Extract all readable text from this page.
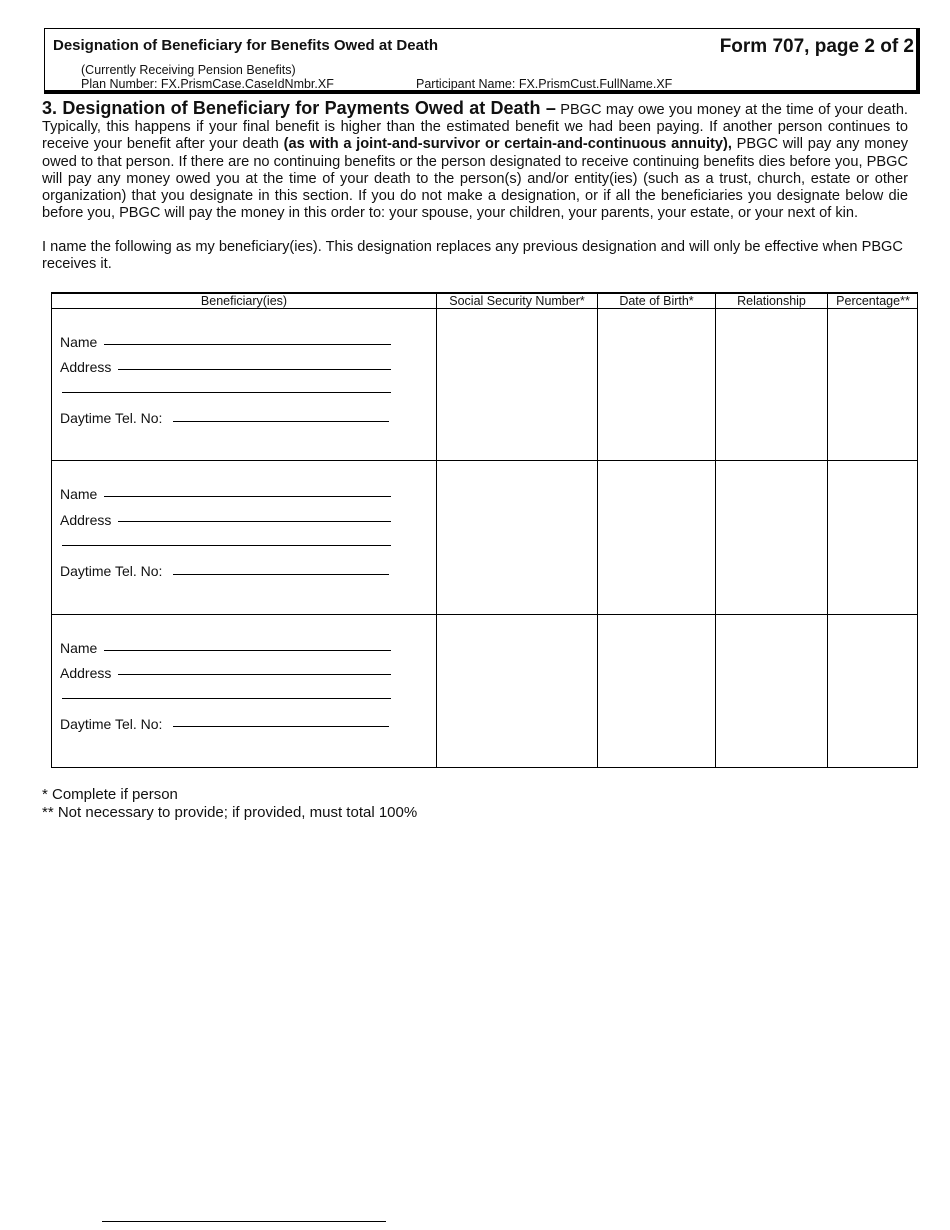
Designation of Beneficiary for Benefits Owed at Death	Form 707, page 2 of 2
(Currently Receiving Pension Benefits)
Plan Number: FX.PrismCase.CaseIdNmbr.XF	Participant Name: FX.PrismCust.FullName.XF
3. Designation of Beneficiary for Payments Owed at Death – PBGC may owe you money at the time of your death. Typically, this happens if your final benefit is higher than the estimated benefit we had been paying. If another person continues to receive your benefit after your death (as with a joint-and-survivor or certain-and-continuous annuity), PBGC will pay any money owed to that person. If there are no continuing benefits or the person designated to receive continuing benefits dies before you, PBGC will pay any money owed you at the time of your death to the person(s) and/or entity(ies) (such as a trust, church, estate or other organization) that you designate in this section. If you do not make a designation, or if all the beneficiaries you designate below die before you, PBGC will pay the money in this order to: your spouse, your children, your parents, your estate, or your next of kin.
I name the following as my beneficiary(ies). This designation replaces any previous designation and will only be effective when PBGC receives it.
Beneficiary(ies)	Social Security Number*	Date of Birth*	Relationship	Percentage**
Name
Address
Daytime Tel. No:
Name
Address
Daytime Tel. No:
Name
Address
Daytime Tel. No:
* Complete if person
** Not necessary to provide; if provided, must total 100%
